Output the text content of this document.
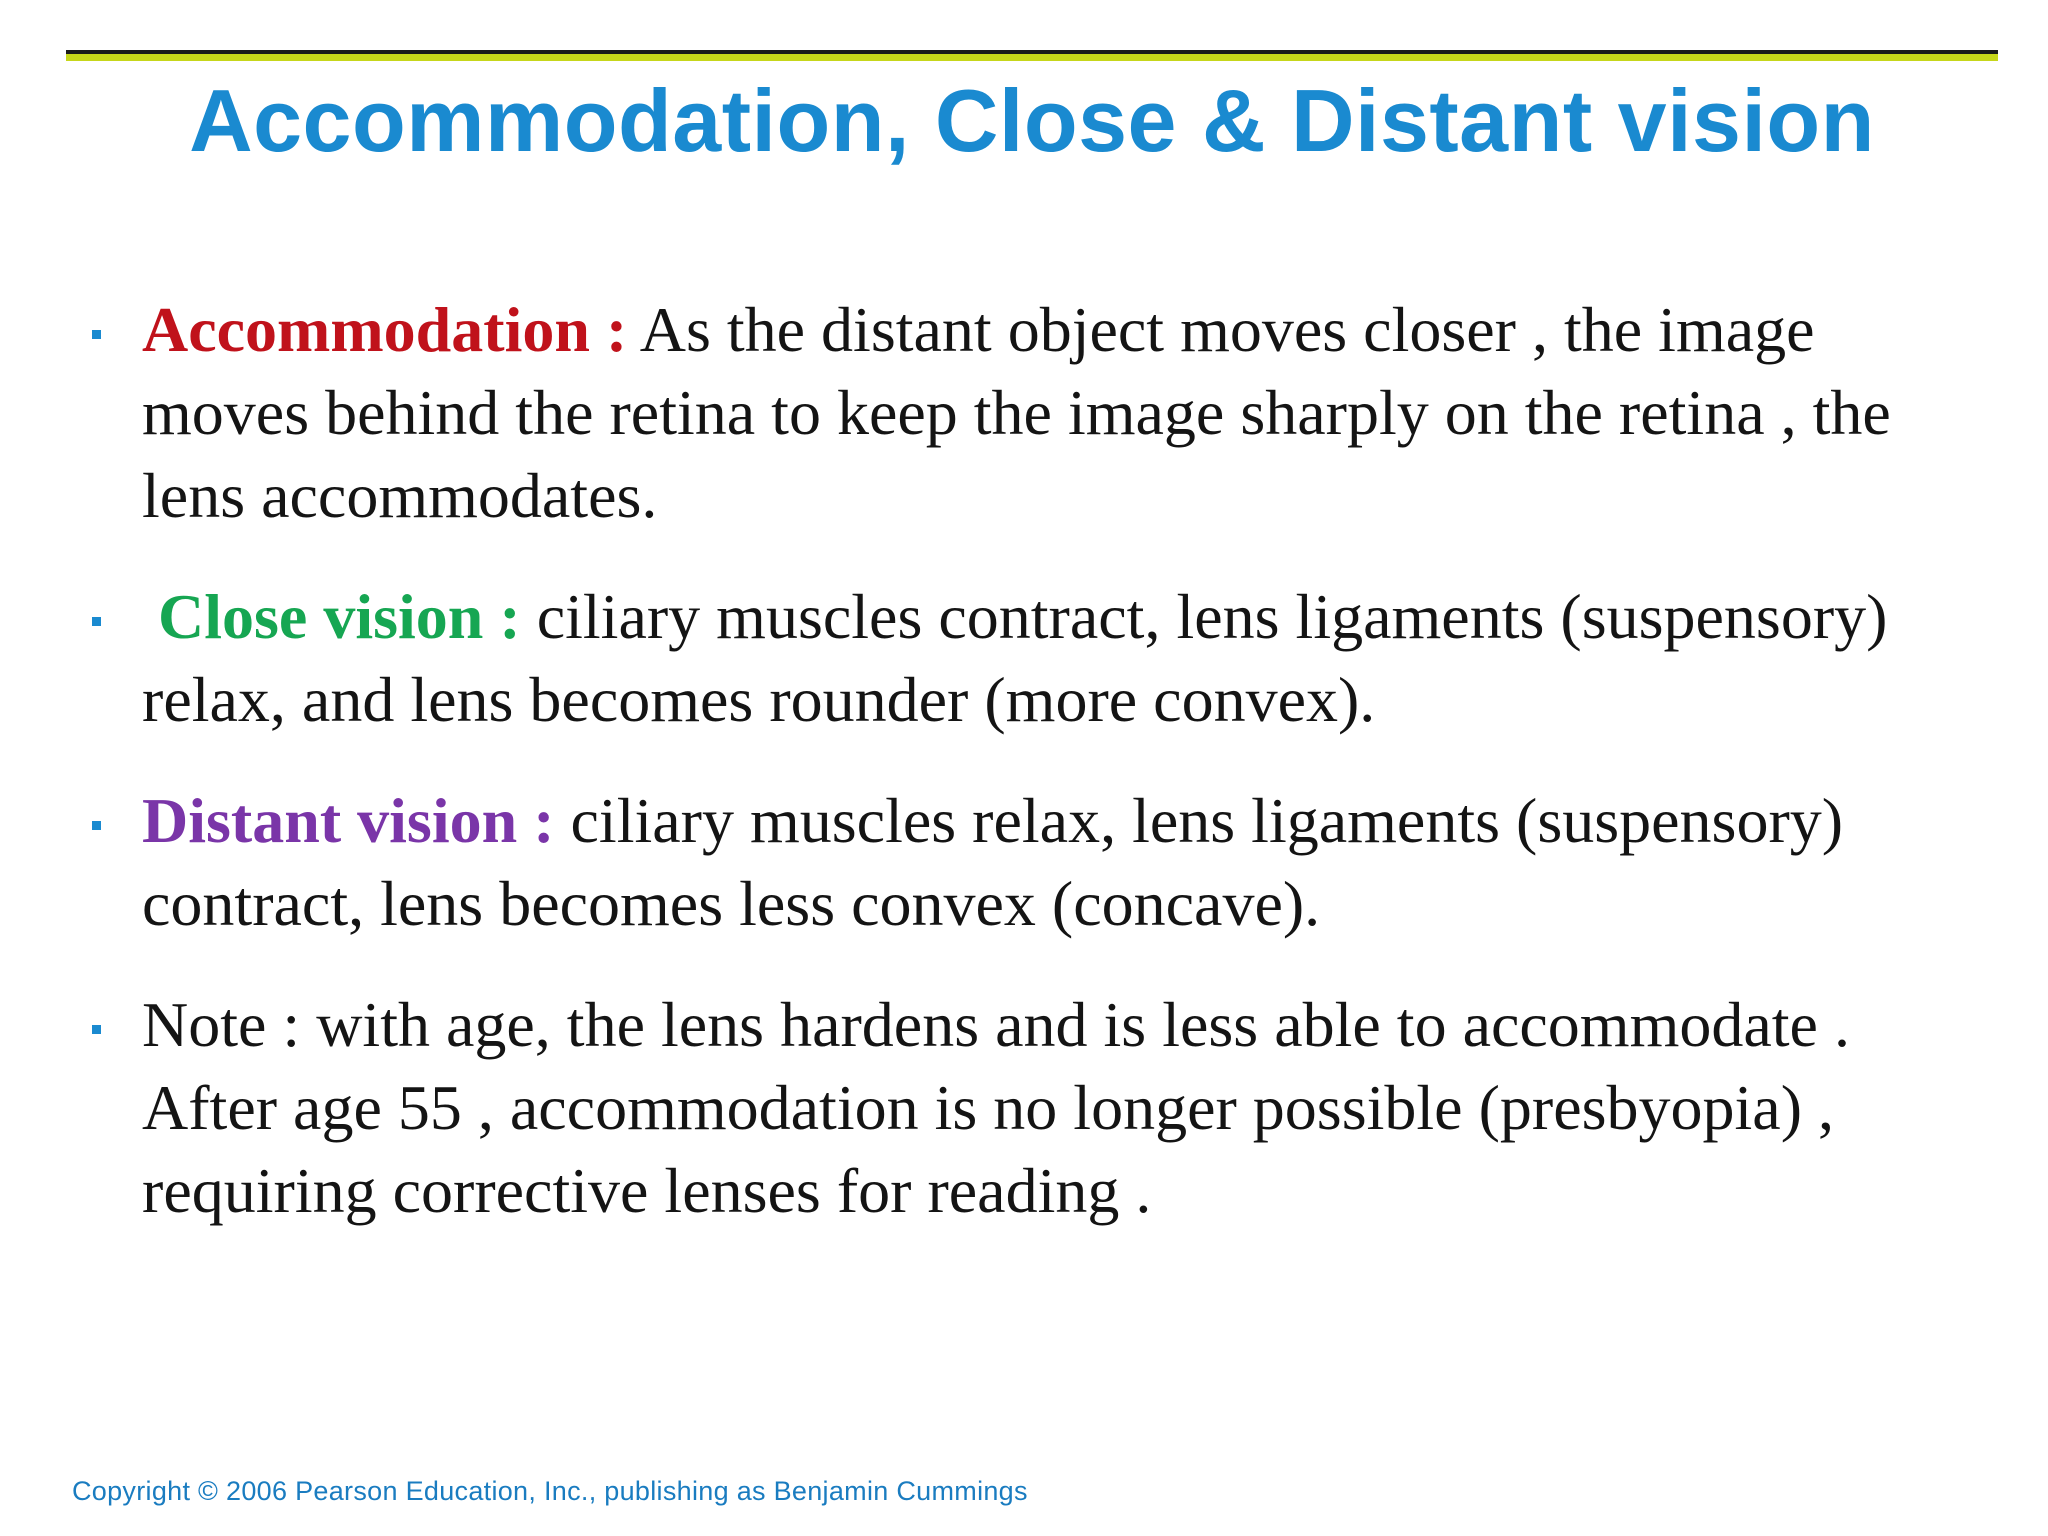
Accommodation, Close & Distant vision
Accommodation : As the distant object moves closer , the image moves behind the retina to keep the image sharply on the retina , the lens accommodates.
Close vision : ciliary muscles contract, lens ligaments (suspensory) relax, and lens becomes rounder (more convex).
Distant vision : ciliary muscles relax, lens ligaments (suspensory) contract, lens becomes less convex (concave).
Note : with age, the lens hardens and is less able to accommodate . After age 55 , accommodation is no longer possible (presbyopia) , requiring corrective lenses for reading .
Copyright © 2006 Pearson Education, Inc., publishing as Benjamin Cummings
